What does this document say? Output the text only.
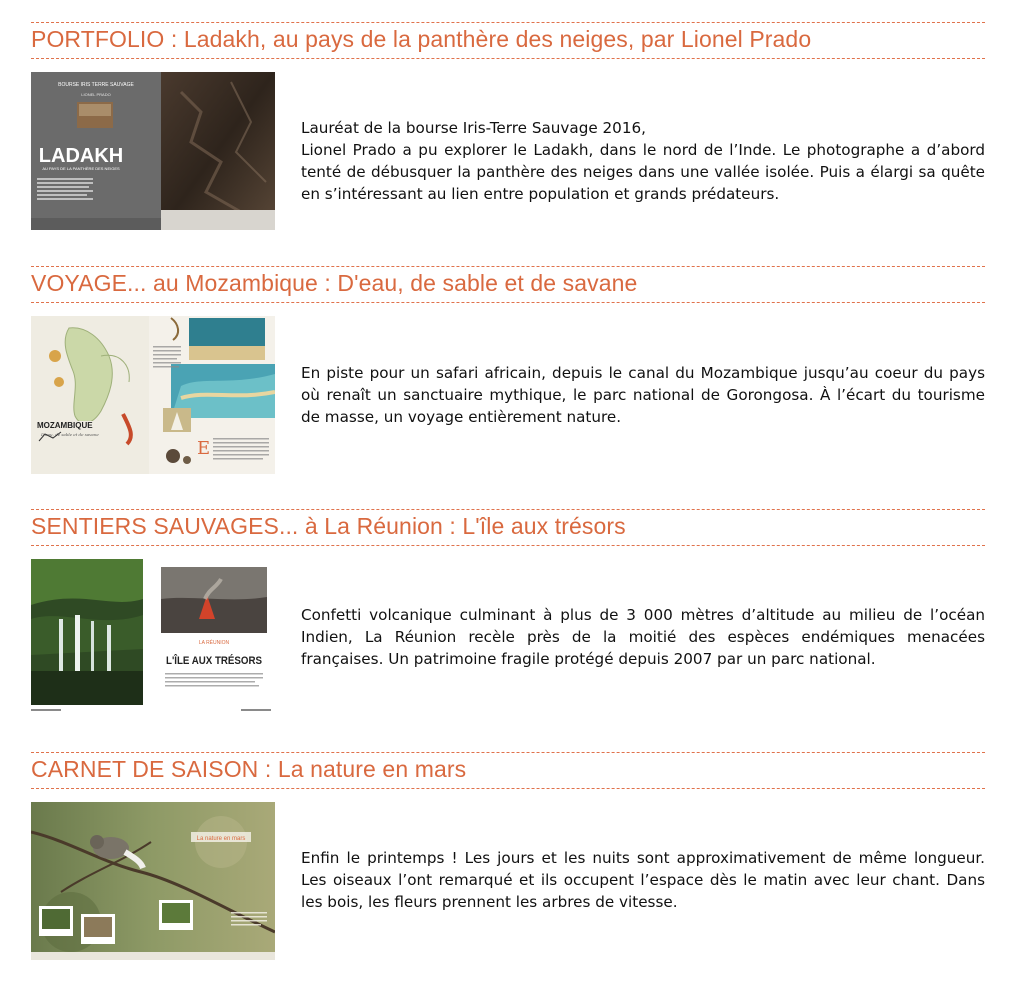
PORTFOLIO : Ladakh, au pays de la panthère des neiges, par Lionel Prado
BOURSE IRIS TERRE SAUVAGE
LIONEL PRADO
LADAKH
AU PAYS DE LA PANTHÈRE DES NEIGES
Lauréat de la bourse Iris-Terre Sauvage 2016,
Lionel Prado a pu explorer le Ladakh, dans le nord de l’Inde. Le photographe a d’abord tenté de débusquer la panthère des neiges dans une vallée isolée. Puis a élargi sa quête en s’intéressant au lien entre population et grands prédateurs.
VOYAGE... au Mozambique : D'eau, de sable et de savane
MOZAMBIQUE
D'eau, de sable et de savane
E
En piste pour un safari africain, depuis le canal du Mozambique jusqu’au coeur du pays où renaît un sanctuaire mythique, le parc national de Gorongosa. À l’écart du tourisme de masse, un voyage entièrement nature.
SENTIERS SAUVAGES... à La Réunion : L'île aux trésors
LA RÉUNION
L'ÎLE AUX TRÉSORS
Confetti volcanique culminant à plus de 3 000 mètres d’altitude au milieu de l’océan Indien, La Réunion recèle près de la moitié des espèces endémiques menacées françaises. Un patrimoine fragile protégé depuis 2007 par un parc national.
CARNET DE SAISON : La nature en mars
La nature en mars
Enfin le printemps ! Les jours et les nuits sont approximativement de même longueur. Les oiseaux l’ont remarqué et ils occupent l’espace dès le matin avec leur chant. Dans les bois, les fleurs prennent les arbres de vitesse.
